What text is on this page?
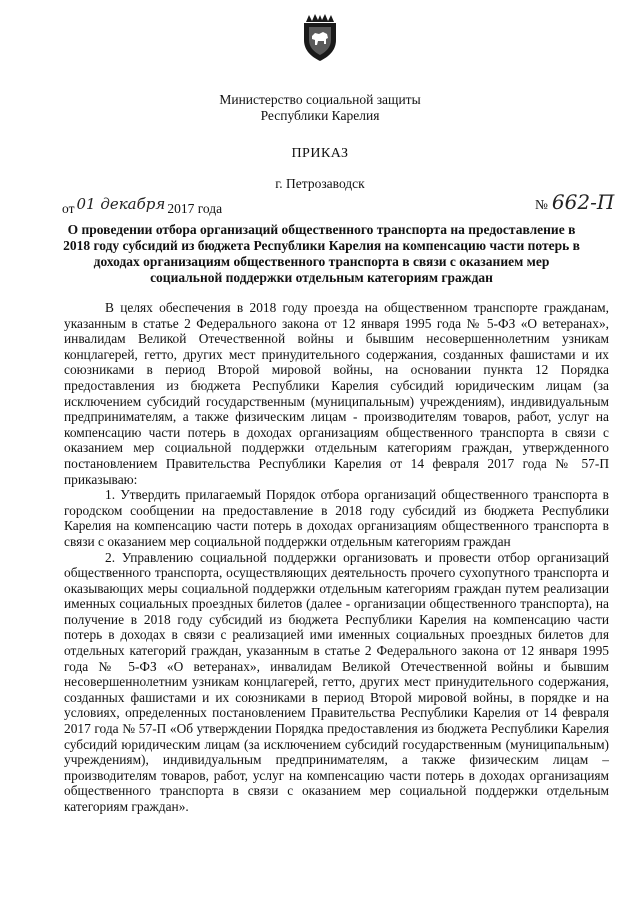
Министерство социальной защиты
Республики Карелия
ПРИКАЗ
г. Петрозаводск
от 01 декабря 2017 года	№ 662-П
О проведении отбора организаций общественного транспорта на предоставление в
2018 году субсидий из бюджета Республики Карелия на компенсацию части потерь в
доходах организациям общественного транспорта в связи с оказанием мер
социальной поддержки отдельным категориям граждан

В целях обеспечения в 2018 году проезда на общественном транспорте гражданам, указанным в статье 2 Федерального закона от 12 января 1995 года № 5-ФЗ «О ветеранах», инвалидам Великой Отечественной войны и бывшим несовершеннолетним узникам концлагерей, гетто, других мест принудительного содержания, созданных фашистами и их союзниками в период Второй мировой войны, на основании пункта 12 Порядка предоставления из бюджета Республики Карелия субсидий юридическим лицам (за исключением субсидий государственным (муниципальным) учреждениям), индивидуальным предпринимателям, а также физическим лицам - производителям товаров, работ, услуг на компенсацию части потерь в доходах организациям общественного транспорта в связи с оказанием мер социальной поддержки отдельным категориям граждан, утвержденного постановлением Правительства Республики Карелия от 14 февраля 2017 года № 57-П приказываю:

1. Утвердить прилагаемый Порядок отбора организаций общественного транспорта в городском сообщении на предоставление в 2018 году субсидий из бюджета Республики Карелия на компенсацию части потерь в доходах организациям общественного транспорта в связи с оказанием мер социальной поддержки отдельным категориям граждан

2. Управлению социальной поддержки организовать и провести отбор организаций общественного транспорта, осуществляющих деятельность прочего сухопутного транспорта и оказывающих меры социальной поддержки отдельным категориям граждан путем реализации именных социальных проездных билетов (далее - организации общественного транспорта), на получение в 2018 году субсидий из бюджета Республики Карелия на компенсацию части потерь в доходах в связи с реализацией ими именных социальных проездных билетов для отдельных категорий граждан, указанным в статье 2 Федерального закона от 12 января 1995 года № 5-ФЗ «О ветеранах», инвалидам Великой Отечественной войны и бывшим несовершеннолетним узникам концлагерей, гетто, других мест принудительного содержания, созданных фашистами и их союзниками в период Второй мировой войны, в порядке и на условиях, определенных постановлением Правительства Республики Карелия от 14 февраля 2017 года № 57-П «Об утверждении Порядка предоставления из бюджета Республики Карелия субсидий юридическим лицам (за исключением субсидий государственным (муниципальным) учреждениям), индивидуальным предпринимателям, а также физическим лицам – производителям товаров, работ, услуг на компенсацию части потерь в доходах организациям общественного транспорта в связи с оказанием мер социальной поддержки отдельным категориям граждан».
